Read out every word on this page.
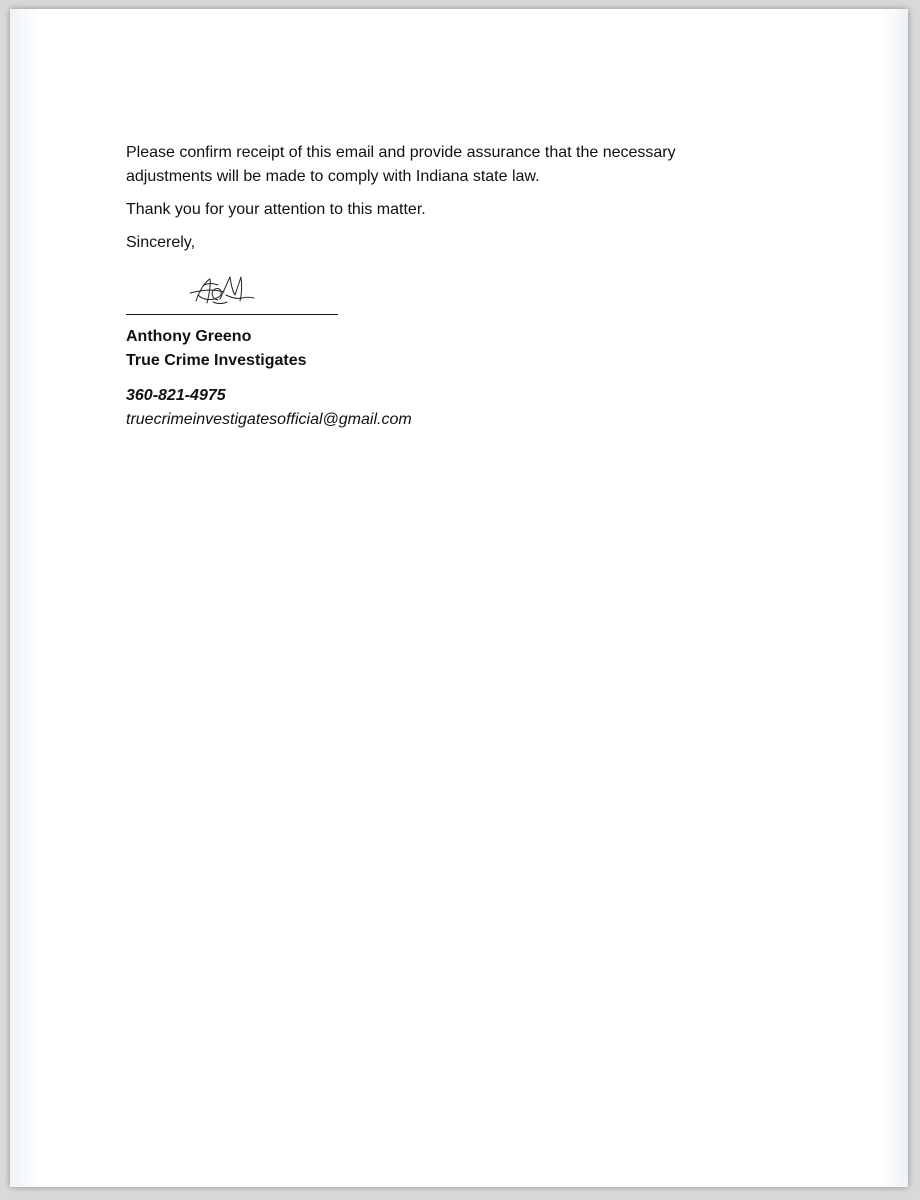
Please confirm receipt of this email and provide assurance that the necessary adjustments will be made to comply with Indiana state law.

Thank you for your attention to this matter.

Sincerely,

Anthony Greeno

True Crime Investigates

360-821-4975

truecrimeinvestigatesofficial@gmail.com
